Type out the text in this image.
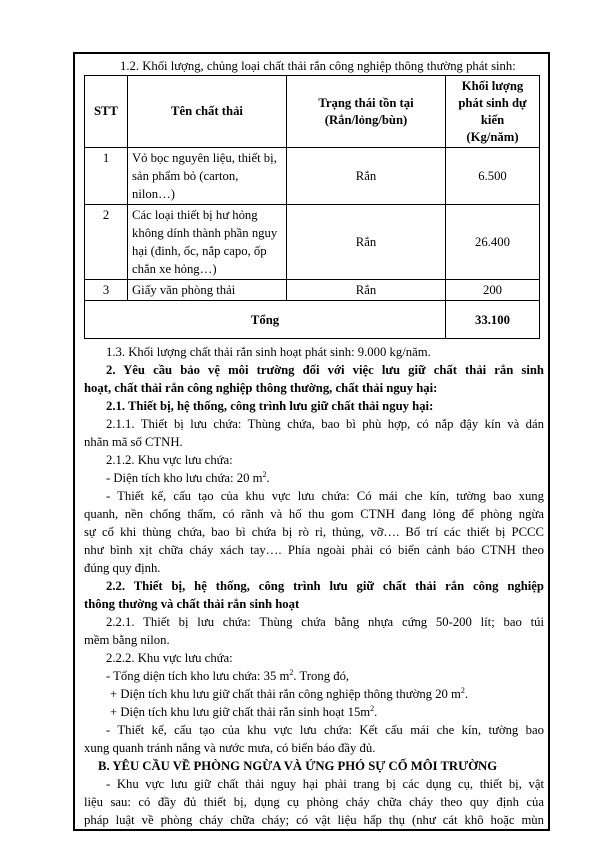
1.2. Khối lượng, chủng loại chất thải rắn công nghiệp thông thường phát sinh:
STT	Tên chất thải	Trạng thái tồn tại (Rắn/lỏng/bùn)	Khối lượng phát sinh dự kiến (Kg/năm)
1	Vỏ bọc nguyên liệu, thiết bị, sản phẩm bỏ (carton, nilon…)	Rắn	6.500
2	Các loại thiết bị hư hỏng không dính thành phần nguy hại (đinh, ốc, nắp capo, ốp chắn xe hỏng…)	Rắn	26.400
3	Giấy văn phòng thải	Rắn	200
Tổng			33.100
1.3. Khối lượng chất thải rắn sinh hoạt phát sinh: 9.000 kg/năm.
2. Yêu cầu bảo vệ môi trường đối với việc lưu giữ chất thải rắn sinh
hoạt, chất thải rắn công nghiệp thông thường, chất thải nguy hại:
2.1. Thiết bị, hệ thống, công trình lưu giữ chất thải nguy hại:
2.1.1. Thiết bị lưu chứa: Thùng chứa, bao bì phù hợp, có nắp đậy kín và dán
nhãn mã số CTNH.
2.1.2. Khu vực lưu chứa:
- Diện tích kho lưu chứa: 20 $m^2$.
- Thiết kế, cấu tạo của khu vực lưu chứa: Có mái che kín, tường bao xung
quanh, nền chống thấm, có rãnh và hố thu gom CTNH đang lỏng để phòng ngừa
sự cố khi thùng chứa, bao bì chứa bị rò rỉ, thủng, vỡ…. Bố trí các thiết bị PCCC
như bình xịt chữa cháy xách tay…. Phía ngoài phải có biển cảnh báo CTNH theo
đúng quy định.
2.2. Thiết bị, hệ thống, công trình lưu giữ chất thải rắn công nghiệp
thông thường và chất thải rắn sinh hoạt
2.2.1. Thiết bị lưu chứa: Thùng chứa bằng nhựa cứng 50-200 lít; bao túi
mềm bằng nilon.
2.2.2. Khu vực lưu chứa:
- Tổng diện tích kho lưu chứa: 35 $m^2$. Trong đó,
+ Diện tích khu lưu giữ chất thải rắn công nghiệp thông thường 20 $m^2$.
+ Diện tích khu lưu giữ chất thải rắn sinh hoạt $15m^2$.
- Thiết kế, cấu tạo của khu vực lưu chứa: Kết cấu mái che kín, tường bao
xung quanh tránh nắng và nước mưa, có biển báo đầy đủ.
B. YÊU CẦU VỀ PHÒNG NGỪA VÀ ỨNG PHÓ SỰ CỐ MÔI TRƯỜNG
- Khu vực lưu giữ chất thải nguy hại phải trang bị các dụng cụ, thiết bị, vật
liệu sau: có đầy đủ thiết bị, dụng cụ phòng cháy chữa cháy theo quy định của
pháp luật về phòng cháy chữa cháy; có vật liệu hấp thụ (như cát khô hoặc mùn
